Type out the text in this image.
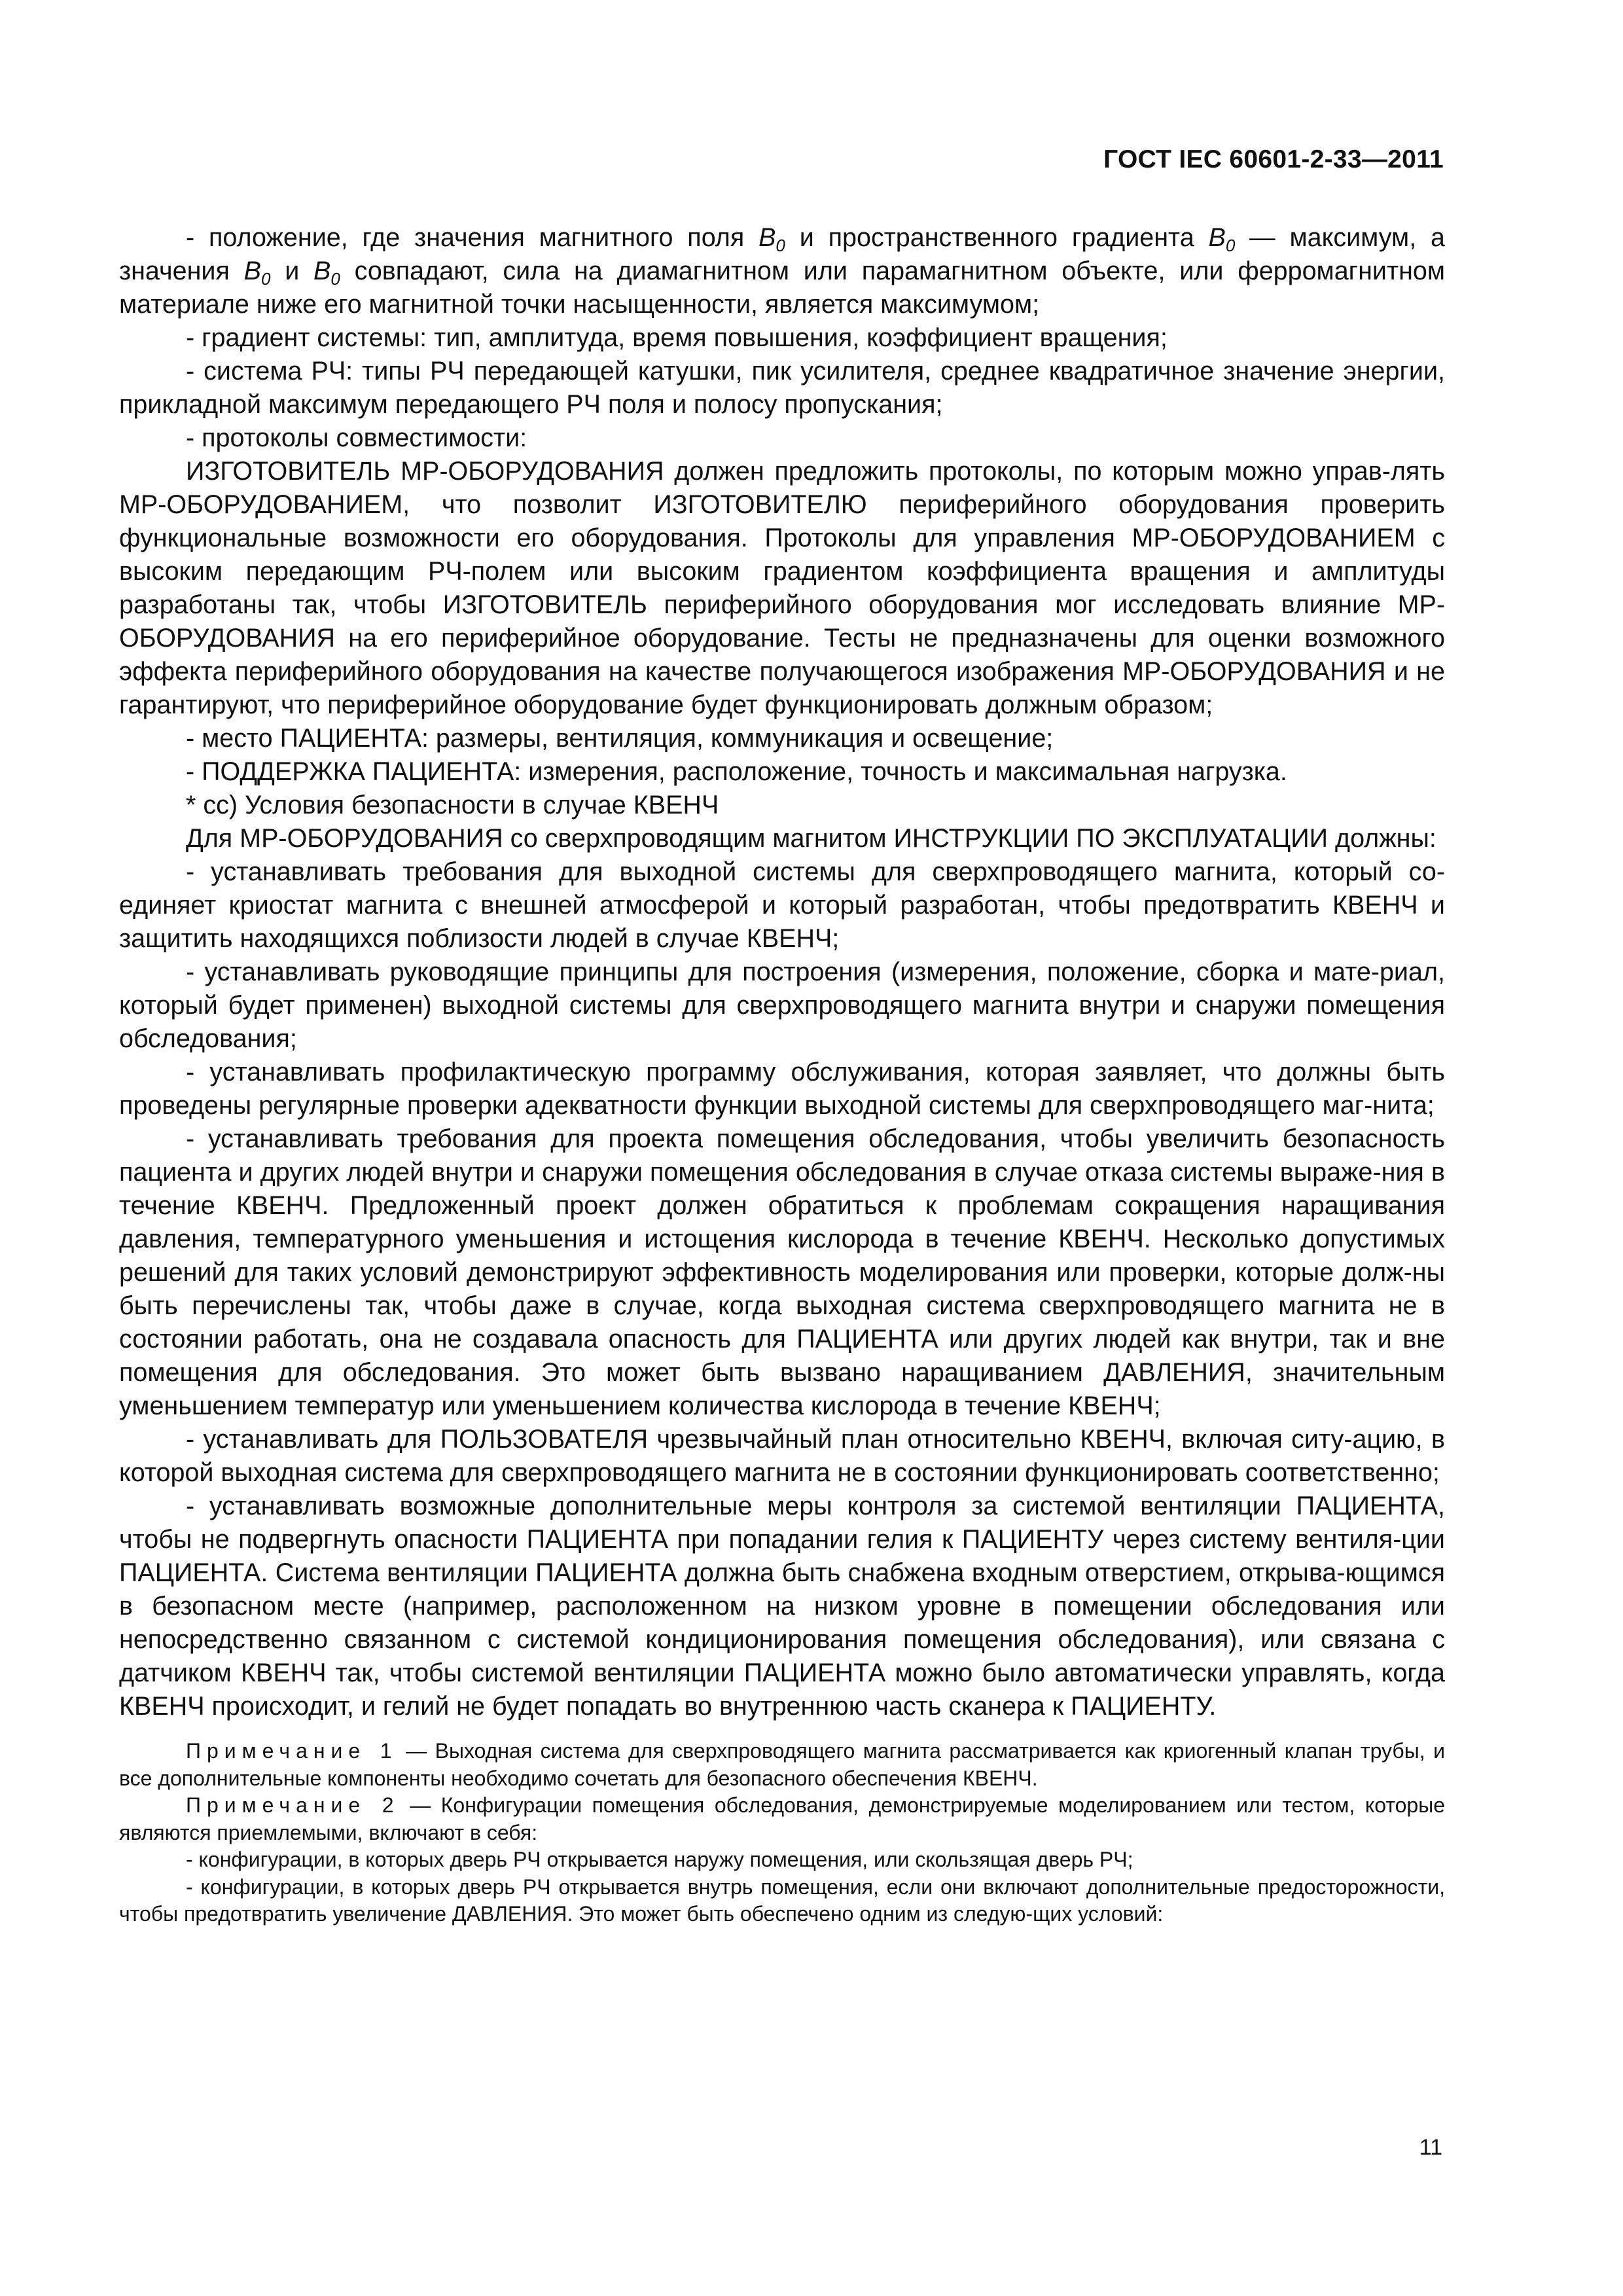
ГОСТ IEC 60601-2-33—2011

- положение, где значения магнитного поля $B_0$ и пространственного градиента $B_0$ — максимум, а значения $B_0$ и $B_0$ совпадают, сила на диамагнитном или парамагнитном объекте, или ферромагнитном материале ниже его магнитной точки насыщенности, является максимумом;

- градиент системы: тип, амплитуда, время повышения, коэффициент вращения;

- система РЧ: типы РЧ передающей катушки, пик усилителя, среднее квадратичное значение энергии, прикладной максимум передающего РЧ поля и полосу пропускания;

- протоколы совместимости:

ИЗГОТОВИТЕЛЬ МР-ОБОРУДОВАНИЯ должен предложить протоколы, по которым можно управ-лять МР-ОБОРУДОВАНИЕМ, что позволит ИЗГОТОВИТЕЛЮ периферийного оборудования проверить функциональные возможности его оборудования. Протоколы для управления МР-ОБОРУДОВАНИЕМ с высоким передающим РЧ-полем или высоким градиентом коэффициента вращения и амплитуды разработаны так, чтобы ИЗГОТОВИТЕЛЬ периферийного оборудования мог исследовать влияние МР-ОБОРУДОВАНИЯ на его периферийное оборудование. Тесты не предназначены для оценки возможного эффекта периферийного оборудования на качестве получающегося изображения МР-ОБОРУДОВАНИЯ и не гарантируют, что периферийное оборудование будет функционировать должным образом;

- место ПАЦИЕНТА: размеры, вентиляция, коммуникация и освещение;

- ПОДДЕРЖКА ПАЦИЕНТА: измерения, расположение, точность и максимальная нагрузка.

* cc) Условия безопасности в случае КВЕНЧ

Для МР-ОБОРУДОВАНИЯ со сверхпроводящим магнитом ИНСТРУКЦИИ ПО ЭКСПЛУАТАЦИИ должны:

- устанавливать требования для выходной системы для сверхпроводящего магнита, который со-единяет криостат магнита с внешней атмосферой и который разработан, чтобы предотвратить КВЕНЧ и защитить находящихся поблизости людей в случае КВЕНЧ;

- устанавливать руководящие принципы для построения (измерения, положение, сборка и мате-риал, который будет применен) выходной системы для сверхпроводящего магнита внутри и снаружи помещения обследования;

- устанавливать профилактическую программу обслуживания, которая заявляет, что должны быть проведены регулярные проверки адекватности функции выходной системы для сверхпроводящего маг-нита;

- устанавливать требования для проекта помещения обследования, чтобы увеличить безопасность пациента и других людей внутри и снаружи помещения обследования в случае отказа системы выраже-ния в течение КВЕНЧ. Предложенный проект должен обратиться к проблемам сокращения наращивания давления, температурного уменьшения и истощения кислорода в течение КВЕНЧ. Несколько допустимых решений для таких условий демонстрируют эффективность моделирования или проверки, которые долж-ны быть перечислены так, чтобы даже в случае, когда выходная система сверхпроводящего магнита не в состоянии работать, она не создавала опасность для ПАЦИЕНТА или других людей как внутри, так и вне помещения для обследования. Это может быть вызвано наращиванием ДАВЛЕНИЯ, значительным уменьшением температур или уменьшением количества кислорода в течение КВЕНЧ;

- устанавливать для ПОЛЬЗОВАТЕЛЯ чрезвычайный план относительно КВЕНЧ, включая ситу-ацию, в которой выходная система для сверхпроводящего магнита не в состоянии функционировать соответственно;

- устанавливать возможные дополнительные меры контроля за системой вентиляции ПАЦИЕНТА, чтобы не подвергнуть опасности ПАЦИЕНТА при попадании гелия к ПАЦИЕНТУ через систему вентиля-ции ПАЦИЕНТА. Система вентиляции ПАЦИЕНТА должна быть снабжена входным отверстием, открыва-ющимся в безопасном месте (например, расположенном на низком уровне в помещении обследования или непосредственно связанном с системой кондиционирования помещения обследования), или связана с датчиком КВЕНЧ так, чтобы системой вентиляции ПАЦИЕНТА можно было автоматически управлять, когда КВЕНЧ происходит, и гелий не будет попадать во внутреннюю часть сканера к ПАЦИЕНТУ.

Примечание 1 — Выходная система для сверхпроводящего магнита рассматривается как криогенный клапан трубы, и все дополнительные компоненты необходимо сочетать для безопасного обеспечения КВЕНЧ.

Примечание 2 — Конфигурации помещения обследования, демонстрируемые моделированием или тестом, которые являются приемлемыми, включают в себя:

- конфигурации, в которых дверь РЧ открывается наружу помещения, или скользящая дверь РЧ;

- конфигурации, в которых дверь РЧ открывается внутрь помещения, если они включают дополнительные предосторожности, чтобы предотвратить увеличение ДАВЛЕНИЯ. Это может быть обеспечено одним из следую-щих условий:

11
